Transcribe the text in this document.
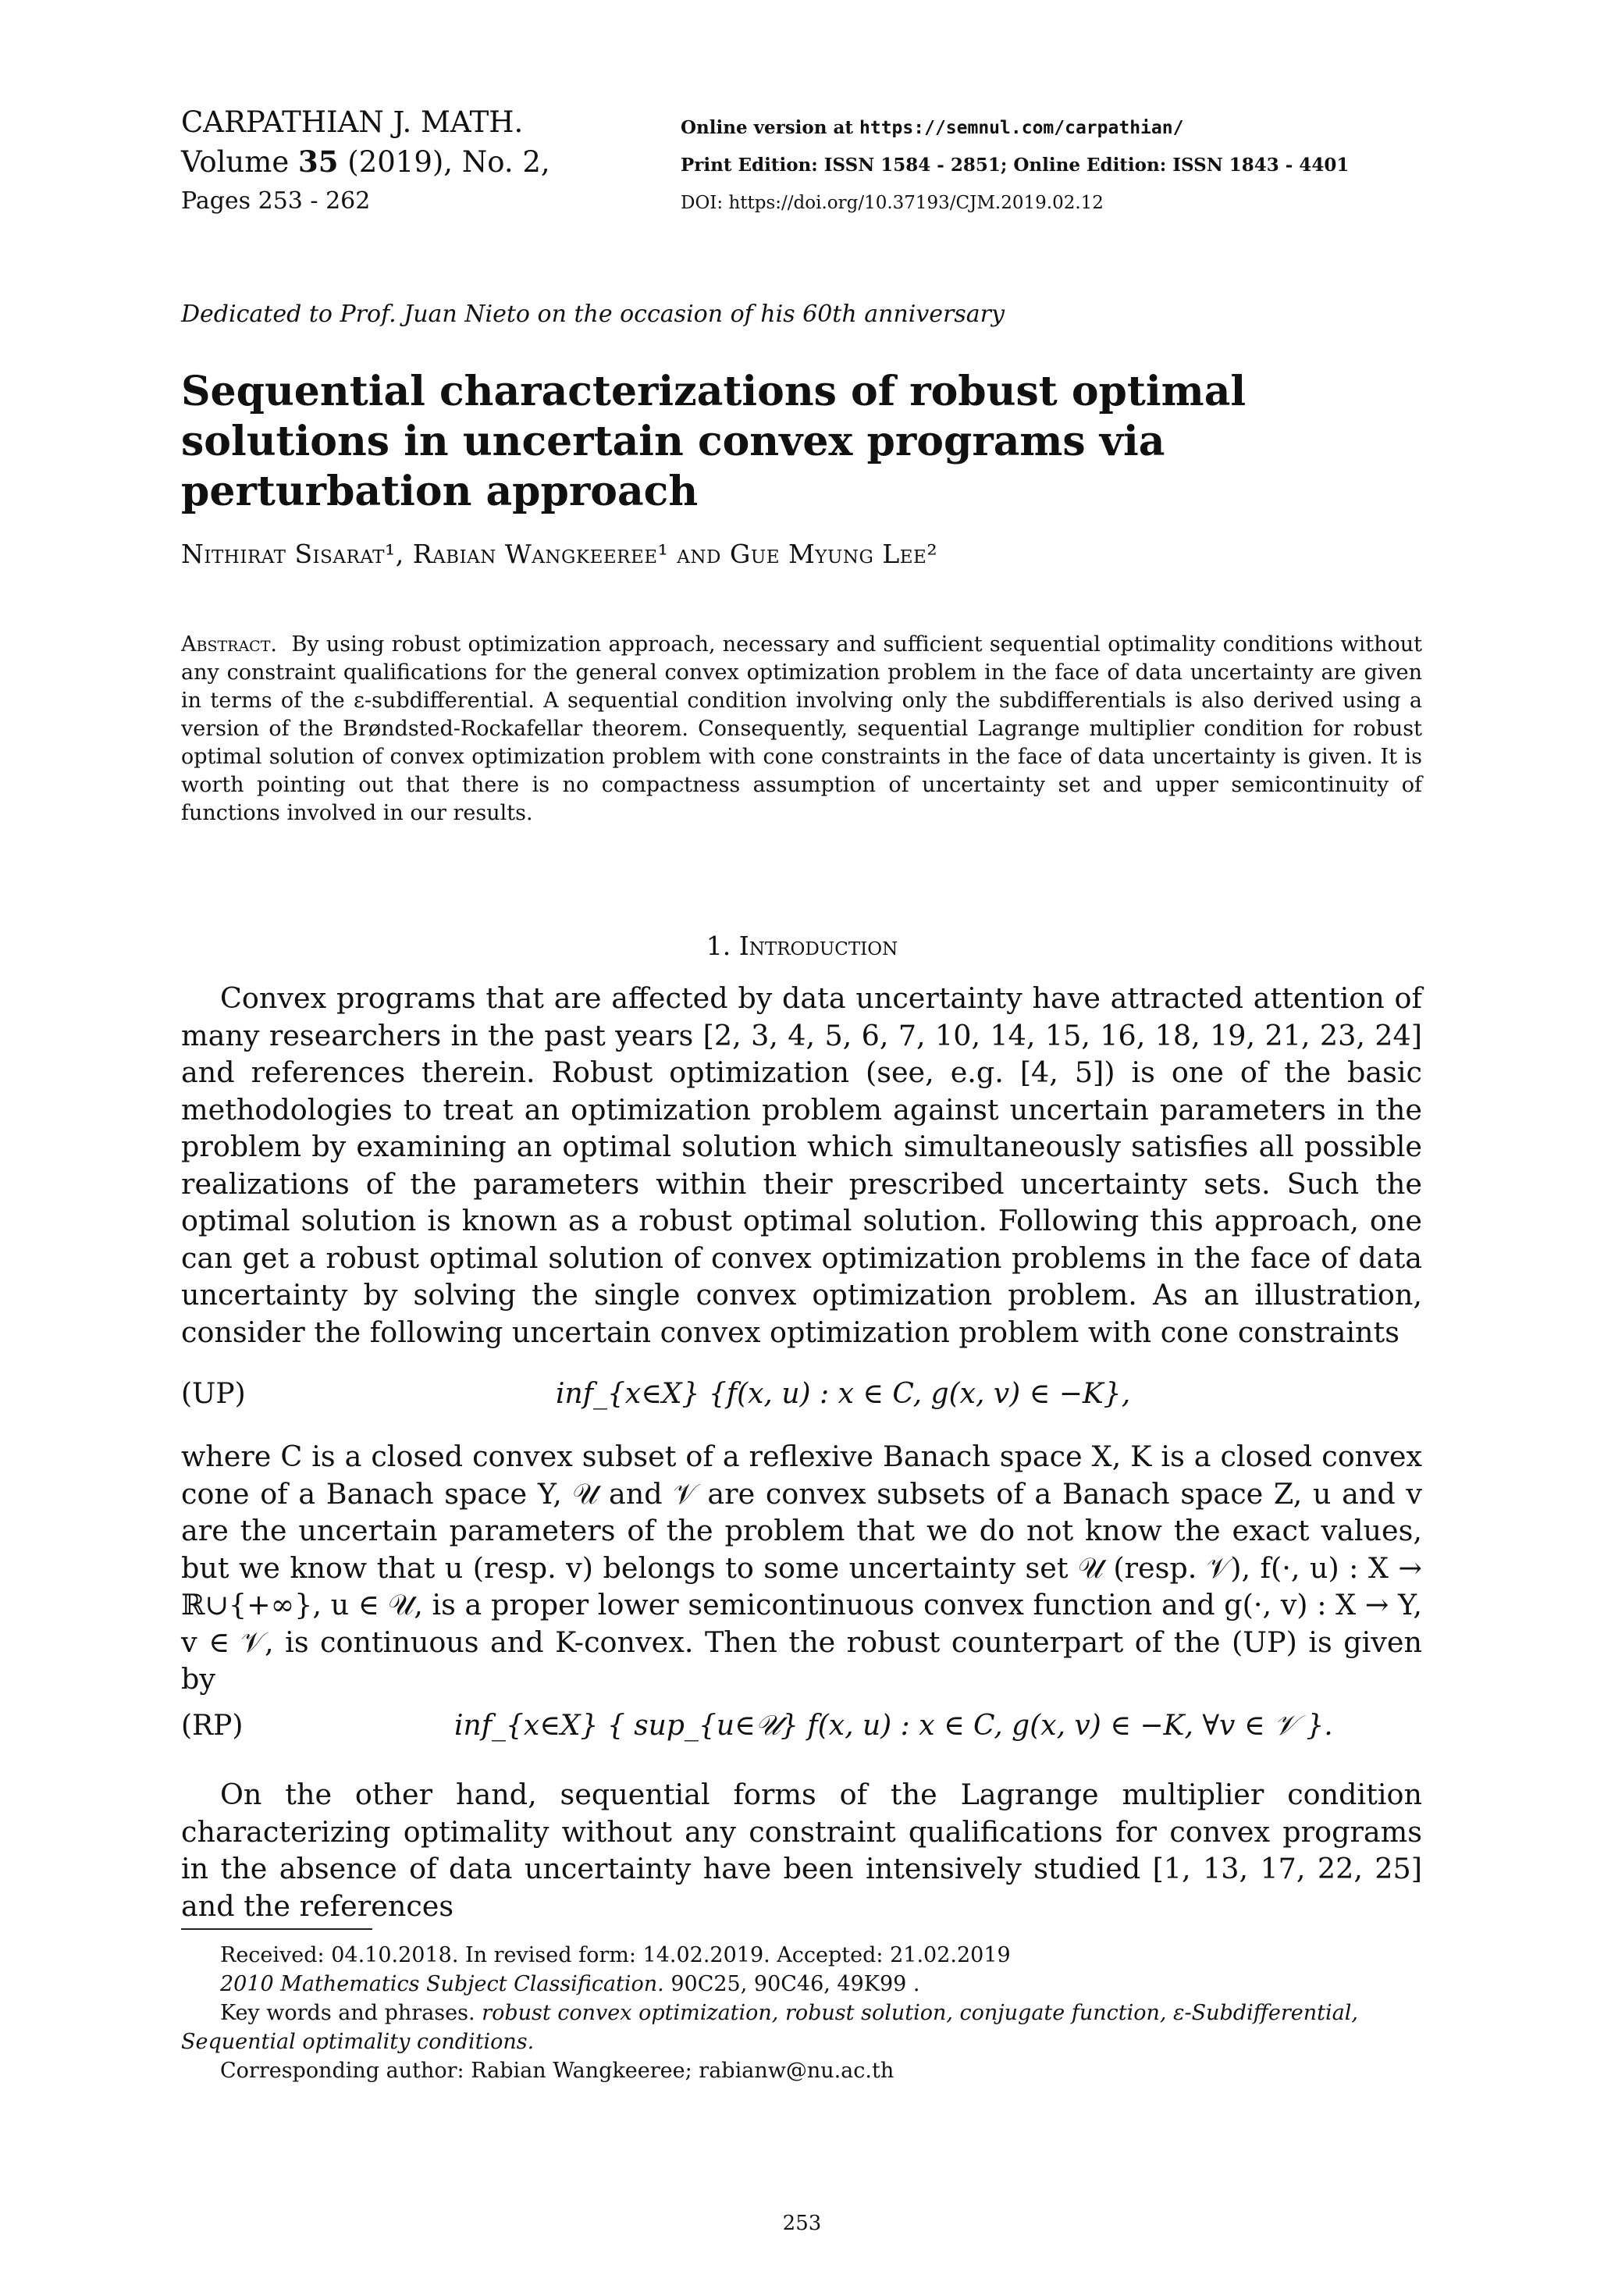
CARPATHIAN J. MATH.
Volume 35 (2019), No. 2,
Pages 253 - 262
Online version at https://semnul.com/carpathian/
Print Edition: ISSN 1584 - 2851; Online Edition: ISSN 1843 - 4401
DOI: https://doi.org/10.37193/CJM.2019.02.12
Dedicated to Prof. Juan Nieto on the occasion of his 60th anniversary
Sequential characterizations of robust optimal solutions in uncertain convex programs via perturbation approach
Nithirat Sisarat¹, Rabian Wangkeeree¹ and Gue Myung Lee²
Abstract. By using robust optimization approach, necessary and sufficient sequential optimality conditions without any constraint qualifications for the general convex optimization problem in the face of data uncertainty are given in terms of the ε-subdifferential. A sequential condition involving only the subdifferentials is also derived using a version of the Brøndsted-Rockafellar theorem. Consequently, sequential Lagrange multiplier condition for robust optimal solution of convex optimization problem with cone constraints in the face of data uncertainty is given. It is worth pointing out that there is no compactness assumption of uncertainty set and upper semicontinuity of functions involved in our results.
1. Introduction
Convex programs that are affected by data uncertainty have attracted attention of many researchers in the past years [2, 3, 4, 5, 6, 7, 10, 14, 15, 16, 18, 19, 21, 23, 24] and references therein. Robust optimization (see, e.g. [4, 5]) is one of the basic methodologies to treat an optimization problem against uncertain parameters in the problem by examining an optimal solution which simultaneously satisfies all possible realizations of the parameters within their prescribed uncertainty sets. Such the optimal solution is known as a robust optimal solution. Following this approach, one can get a robust optimal solution of convex optimization problems in the face of data uncertainty by solving the single convex optimization problem. As an illustration, consider the following uncertain convex optimization problem with cone constraints
(UP)	inf_{x∈X} {f(x, u) : x ∈ C, g(x, v) ∈ −K},
where C is a closed convex subset of a reflexive Banach space X, K is a closed convex cone of a Banach space Y, 𝒰 and 𝒱 are convex subsets of a Banach space Z, u and v are the uncertain parameters of the problem that we do not know the exact values, but we know that u (resp. v) belongs to some uncertainty set 𝒰 (resp. 𝒱), f(·, u) : X → ℝ∪{+∞}, u ∈ 𝒰, is a proper lower semicontinuous convex function and g(·, v) : X → Y, v ∈ 𝒱, is continuous and K-convex. Then the robust counterpart of the (UP) is given by
(RP)	inf_{x∈X} { sup_{u∈𝒰} f(x, u) : x ∈ C, g(x, v) ∈ −K, ∀v ∈ 𝒱 }.
On the other hand, sequential forms of the Lagrange multiplier condition characterizing optimality without any constraint qualifications for convex programs in the absence of data uncertainty have been intensively studied [1, 13, 17, 22, 25] and the references

Received: 04.10.2018. In revised form: 14.02.2019. Accepted: 21.02.2019

2010 Mathematics Subject Classification. 90C25, 90C46, 49K99 .

Key words and phrases. robust convex optimization, robust solution, conjugate function, ε-Subdifferential, Sequential optimality conditions.

Corresponding author: Rabian Wangkeeree; rabianw@nu.ac.th

253
